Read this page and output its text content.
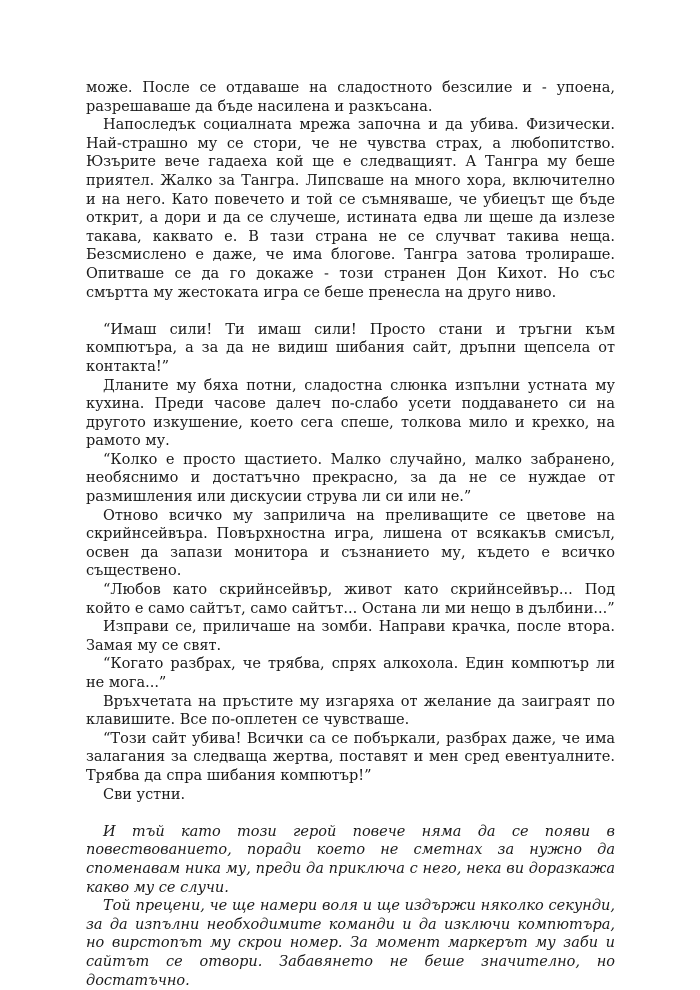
може. После се отдаваше на сладостното безсилие и - упоена, разрешаваше да бъде насилена и разкъсана.

Напоследък социалната мрежа започна и да убива. Физически. Най-страшно му се стори, че не чувства страх, а любопитство. Юзърите вече гадаеха кой ще е следващият. А Тангра му беше приятел. Жалко за Тангра. Липсваше на много хора, включително и на него. Като повечето и той се съмняваше, че убиецът ще бъде открит, а дори и да се случеше, истината едва ли щеше да излезе такава, каквато е. В тази страна не се случват такива неща. Безсмислено е даже, че има блогове. Тангра затова тролираше. Опитваше се да го докаже - този странен Дон Кихот. Но със смъртта му жестоката игра се беше пренесла на друго ниво.

“Имаш сили! Ти имаш сили! Просто стани и тръгни към компютъра, а за да не видиш шибания сайт, дръпни щепсела от контакта!”

Дланите му бяха потни, сладостна слюнка изпълни устната му кухина. Преди часове далеч по-слабо усети поддаването си на другото изкушение, което сега спеше, толкова мило и крехко, на рамото му.

“Колко е просто щастието. Малко случайно, малко забранено, необяснимо и достатъчно прекрасно, за да не се нуждае от размишления или дискусии струва ли си или не.”

Отново всичко му заприлича на преливащите се цветове на скрийнсейвъра. Повърхностна игра, лишена от всякакъв смисъл, освен да запази монитора и съзнанието му, където е всичко съществено.

“Любов като скрийнсейвър, живот като скрийнсейвър... Под който е само сайтът, само сайтът... Остана ли ми нещо в дълбини...”

Изправи се, приличаше на зомби. Направи крачка, после втора. Замая му се свят.

“Когато разбрах, че трябва, спрях алкохола. Един компютър ли не мога...”

Връхчетата на пръстите му изгаряха от желание да заиграят по клавишите. Все по-оплетен се чувстваше.

“Този сайт убива! Всички са се побъркали, разбрах даже, че има залагания за следваща жертва, поставят и мен сред евентуалните. Трябва да спра шибания компютър!”

Сви устни.

И тъй като този герой повече няма да се появи в повествованието, поради което не сметнах за нужно да споменавам ника му, преди да приключа с него, нека ви доразкажа какво му се случи.

Той прецени, че ще намери воля и ще издържи няколко секунди, за да изпълни необходимите команди и да изключи компютъра, но вирстопът му скрои номер. За момент маркерът му заби и сайтът се отвори. Забавянето не беше значително, но достатъчно.
